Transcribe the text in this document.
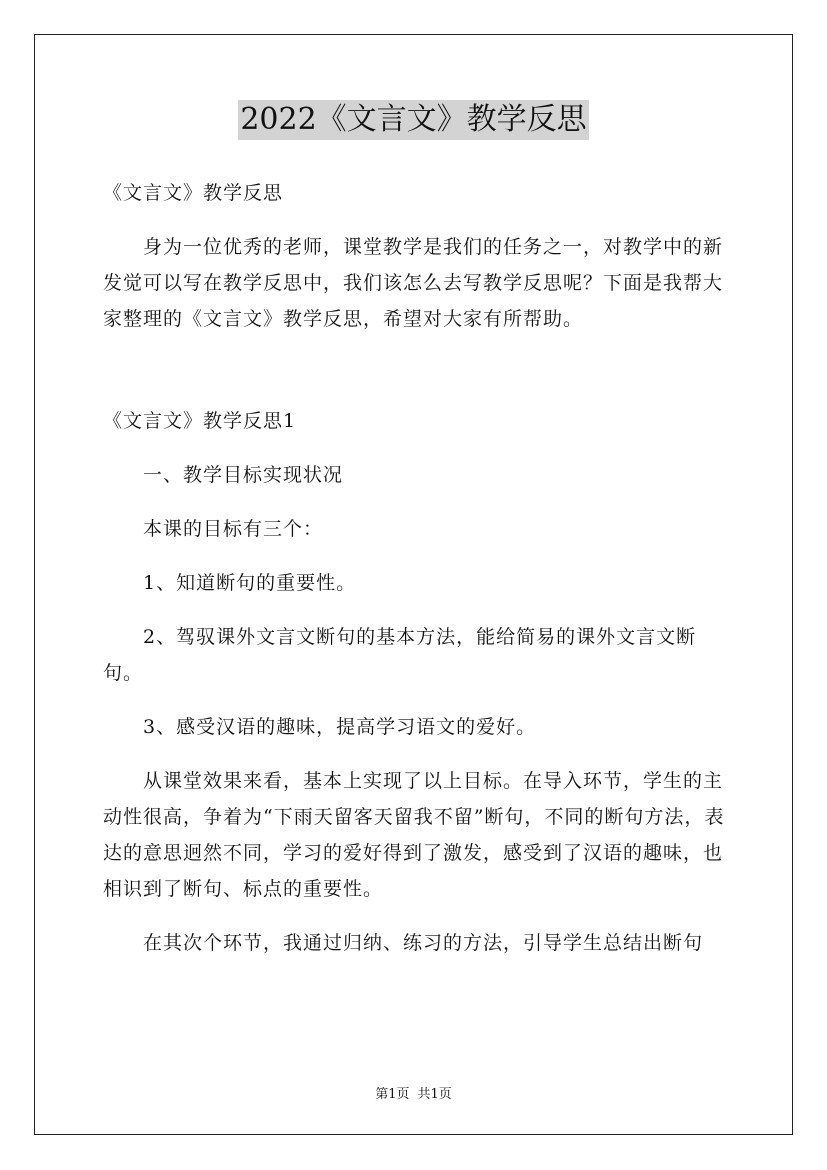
2022《文言文》教学反思

《文言文》教学反思

身为一位优秀的老师，课堂教学是我们的任务之一，对教学中的新发觉可以写在教学反思中，我们该怎么去写教学反思呢？下面是我帮大家整理的《文言文》教学反思，希望对大家有所帮助。

《文言文》教学反思1

一、教学目标实现状况

本课的目标有三个：

1、知道断句的重要性。

2、驾驭课外文言文断句的基本方法，能给简易的课外文言文断句。

3、感受汉语的趣味，提高学习语文的爱好。

从课堂效果来看，基本上实现了以上目标。在导入环节，学生的主动性很高，争着为“下雨天留客天留我不留”断句，不同的断句方法，表达的意思迥然不同，学习的爱好得到了激发，感受到了汉语的趣味，也相识到了断句、标点的重要性。

在其次个环节，我通过归纳、练习的方法，引导学生总结出断句

第1页 共1页
